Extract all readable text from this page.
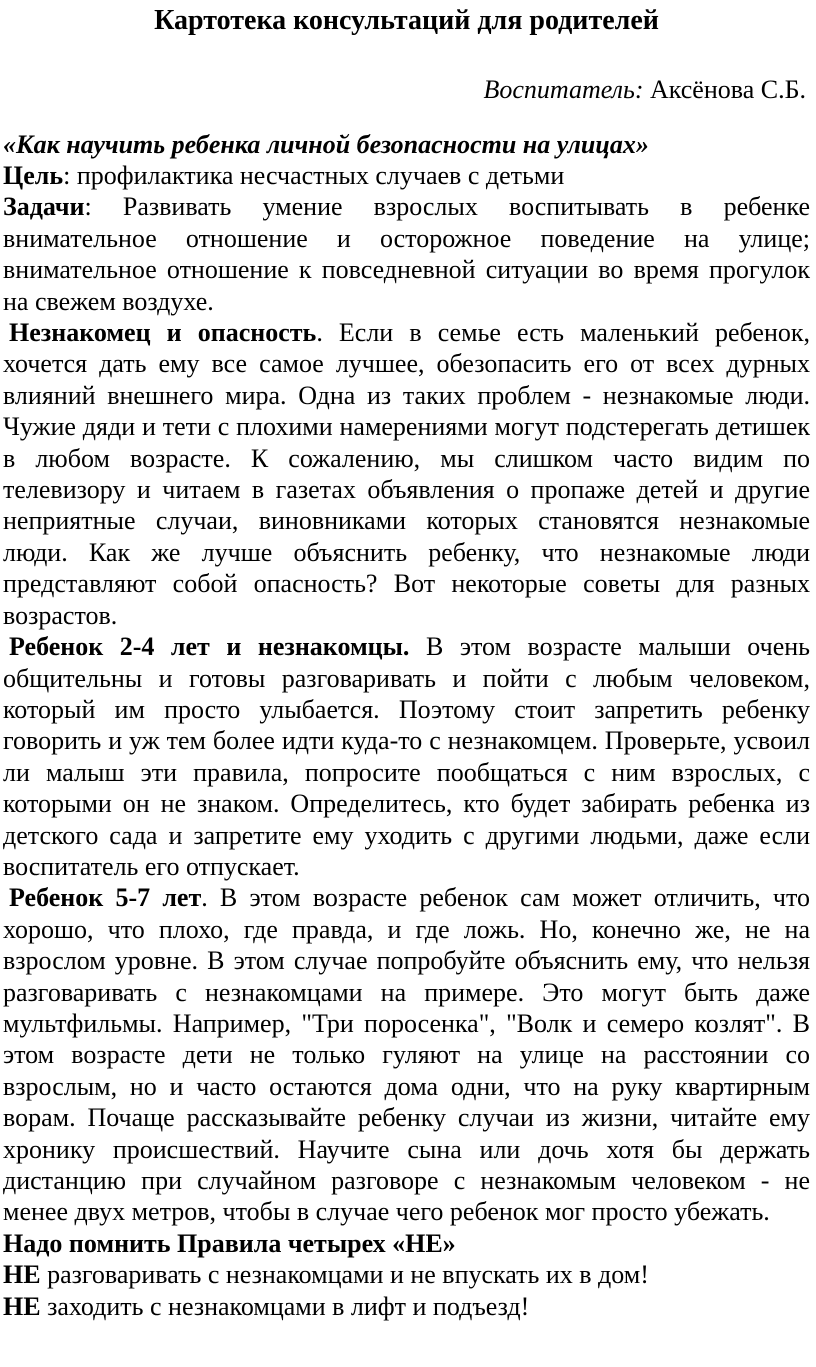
Картотека консультаций для родителей
Воспитатель: Аксёнова С.Б.
«Как научить ребенка личной безопасности на улицах»

Цель: профилактика несчастных случаев с детьми

Задачи: Развивать умение взрослых воспитывать в ребенке внимательное отношение и осторожное поведение на улице; внимательное отношение к повседневной ситуации во время прогулок на свежем воздухе.

Незнакомец и опасность. Если в семье есть маленький ребенок, хочется дать ему все самое лучшее, обезопасить его от всех дурных влияний внешнего мира. Одна из таких проблем - незнакомые люди. Чужие дяди и тети с плохими намерениями могут подстерегать детишек в любом возрасте. К сожалению, мы слишком часто видим по телевизору и читаем в газетах объявления о пропаже детей и другие неприятные случаи, виновниками которых становятся незнакомые люди. Как же лучше объяснить ребенку, что незнакомые люди представляют собой опасность? Вот некоторые советы для разных возрастов.

Ребенок 2-4 лет и незнакомцы. В этом возрасте малыши очень общительны и готовы разговаривать и пойти с любым человеком, который им просто улыбается. Поэтому стоит запретить ребенку говорить и уж тем более идти куда-то с незнакомцем. Проверьте, усвоил ли малыш эти правила, попросите пообщаться с ним взрослых, с которыми он не знаком. Определитесь, кто будет забирать ребенка из детского сада и запретите ему уходить с другими людьми, даже если воспитатель его отпускает.

Ребенок 5-7 лет. В этом возрасте ребенок сам может отличить, что хорошо, что плохо, где правда, и где ложь. Но, конечно же, не на взрослом уровне. В этом случае попробуйте объяснить ему, что нельзя разговаривать с незнакомцами на примере. Это могут быть даже мультфильмы. Например, "Три поросенка", "Волк и семеро козлят". В этом возрасте дети не только гуляют на улице на расстоянии со взрослым, но и часто остаются дома одни, что на руку квартирным ворам. Почаще рассказывайте ребенку случаи из жизни, читайте ему хронику происшествий. Научите сына или дочь хотя бы держать дистанцию при случайном разговоре с незнакомым человеком - не менее двух метров, чтобы в случае чего ребенок мог просто убежать.

Надо помнить Правила четырех «НЕ»

НЕ разговаривать с незнакомцами и не впускать их в дом!

НЕ заходить с незнакомцами в лифт и подъезд!
